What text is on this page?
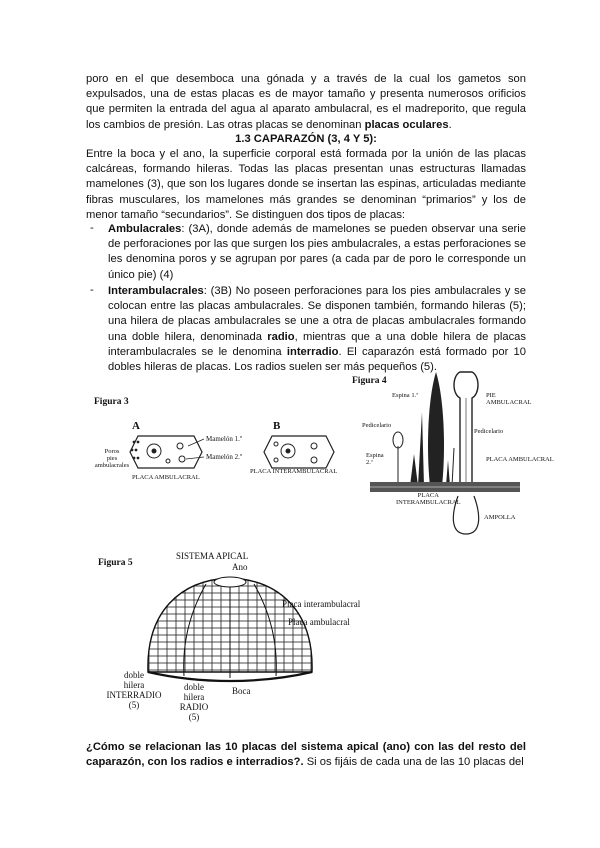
poro en el que desemboca una gónada y a través de la cual los gametos son expulsados, una de estas placas es de mayor tamaño y presenta numerosos orificios que permiten la entrada del agua al aparato ambulacral, es el madreporito, que regula los cambios de presión. Las otras placas se denominan placas oculares.
1.3 CAPARAZÓN (3, 4 Y 5):
Entre la boca y el ano, la superficie corporal está formada por la unión de las placas calcáreas, formando hileras. Todas las placas presentan unas estructuras llamadas mamelones (3), que son los lugares donde se insertan las espinas, articuladas mediante fibras musculares, los mamelones más grandes se denominan “primarios” y los de menor tamaño “secundarios”. Se distinguen dos tipos de placas:
- Ambulacrales: (3A), donde además de mamelones se pueden observar una serie de perforaciones por las que surgen los pies ambulacrales, a estas perforaciones se les denomina poros y se agrupan por pares (a cada par de poro le corresponde un único pie) (4)
- Interambulacrales: (3B) No poseen perforaciones para los pies ambulacrales y se colocan entre las placas ambulacrales. Se disponen también, formando hileras (5); una hilera de placas ambulacrales se une a otra de placas ambulacrales formando una doble hilera, denominada radio, mientras que a una doble hilera de placas interambulacrales se le denomina interradio. El caparazón está formado por 10 dobles hileras de placas. Los radios suelen ser más pequeños (5).
Figura 3
A	B
Poros
pies
ambulacrales
Mamelón 1.º
Mamelón 2.º
PLACA AMBULACRAL
PLACA INTERAMBULACRAL
Figura 4
Espina 1.ª	PIE
AMBULACRAL
Pedicelario
Pedicelario
Espina
2.ª	PLACA AMBULACRAL
PLACA
INTERAMBULACRAL
AMPOLLA
Figura 5
SISTEMA APICAL
Ano
Placa interambulacral
Placa ambulacral
doble
hilera
INTERRADIO
(5)
doble
hilera
RADIO
(5)
Boca
¿Cómo se relacionan las 10 placas del sistema apical (ano) con las del resto del caparazón, con los radios e interradios?. Si os fijáis de cada una de las 10 placas del
